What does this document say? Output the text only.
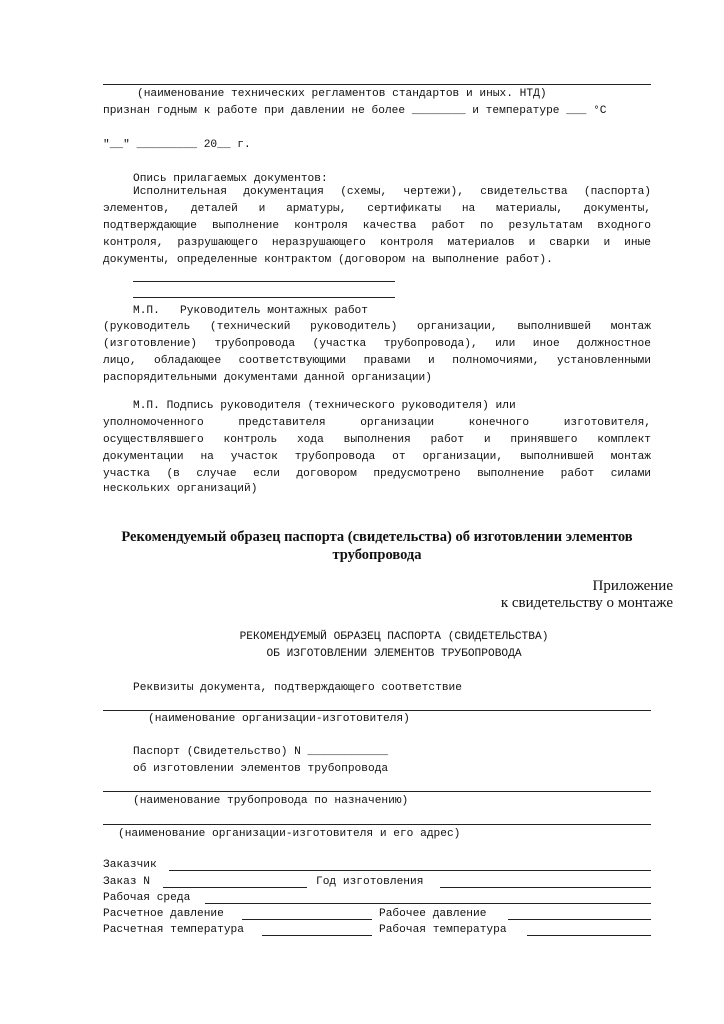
(наименование технических регламентов стандартов и иных. НТД)
признан годным к работе при давлении не более ________ и температуре ___ °С
"__" _________ 20__ г.
Опись прилагаемых документов:
Исполнительная документация (схемы, чертежи), свидетельства (паспорта)
элементов, деталей и арматуры, сертификаты на материалы, документы,
подтверждающие выполнение контроля качества работ по результатам входного
контроля, разрушающего неразрушающего контроля материалов и сварки и иные
документы, определенные контрактом (договором на выполнение работ).
М.П.   Руководитель монтажных работ
(руководитель (технический руководитель) организации, выполнившей монтаж
(изготовление) трубопровода (участка трубопровода), или иное должностное
лицо, обладающее соответствующими правами и полномочиями, установленными
распорядительными документами данной организации)
М.П. Подпись руководителя (технического руководителя) или
уполномоченного представителя организации конечного изготовителя,
осуществлявшего контроль хода выполнения работ и принявшего комплект
документации на участок трубопровода от организации, выполнившей монтаж
участка (в случае если договором предусмотрено выполнение работ силами
нескольких организаций)
Рекомендуемый образец паспорта (свидетельства) об изготовлении элементов
трубопровода
Приложение
к свидетельству о монтаже
РЕКОМЕНДУЕМЫЙ ОБРАЗЕЦ ПАСПОРТА (СВИДЕТЕЛЬСТВА)
ОБ ИЗГОТОВЛЕНИИ ЭЛЕМЕНТОВ ТРУБОПРОВОДА
Реквизиты документа, подтверждающего соответствие
(наименование организации-изготовителя)
Паспорт (Свидетельство) N ____________
об изготовлении элементов трубопровода
(наименование трубопровода по назначению)
(наименование организации-изготовителя и его адрес)
Заказчик
Заказ N	Год изготовления
Рабочая среда
Расчетное давление	Рабочее давление
Расчетная температура	Рабочая температура
